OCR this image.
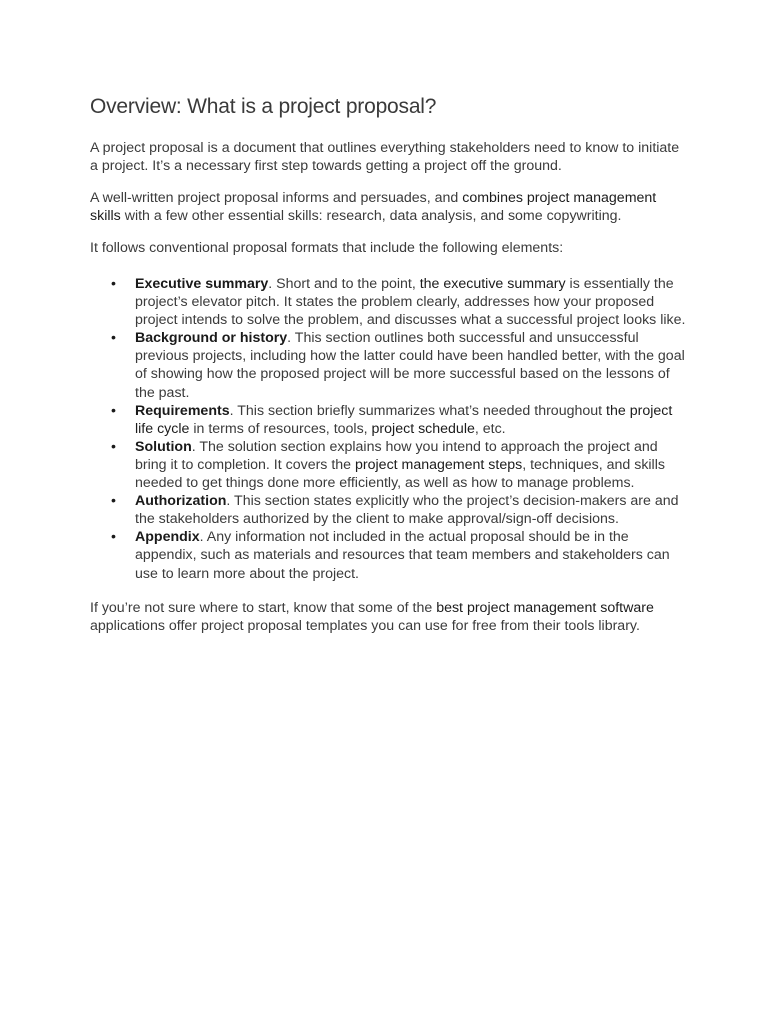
Overview: What is a project proposal?

A project proposal is a document that outlines everything stakeholders need to know to initiate a project. It’s a necessary first step towards getting a project off the ground.

A well-written project proposal informs and persuades, and combines project management skills with a few other essential skills: research, data analysis, and some copywriting.

It follows conventional proposal formats that include the following elements:

• Executive summary. Short and to the point, the executive summary is essentially the project’s elevator pitch. It states the problem clearly, addresses how your proposed project intends to solve the problem, and discusses what a successful project looks like.
• Background or history. This section outlines both successful and unsuccessful previous projects, including how the latter could have been handled better, with the goal of showing how the proposed project will be more successful based on the lessons of the past.
• Requirements. This section briefly summarizes what’s needed throughout the project life cycle in terms of resources, tools, project schedule, etc.
• Solution. The solution section explains how you intend to approach the project and bring it to completion. It covers the project management steps, techniques, and skills needed to get things done more efficiently, as well as how to manage problems.
• Authorization. This section states explicitly who the project’s decision-makers are and the stakeholders authorized by the client to make approval/sign-off decisions.
• Appendix. Any information not included in the actual proposal should be in the appendix, such as materials and resources that team members and stakeholders can use to learn more about the project.

If you’re not sure where to start, know that some of the best project management software applications offer project proposal templates you can use for free from their tools library.
